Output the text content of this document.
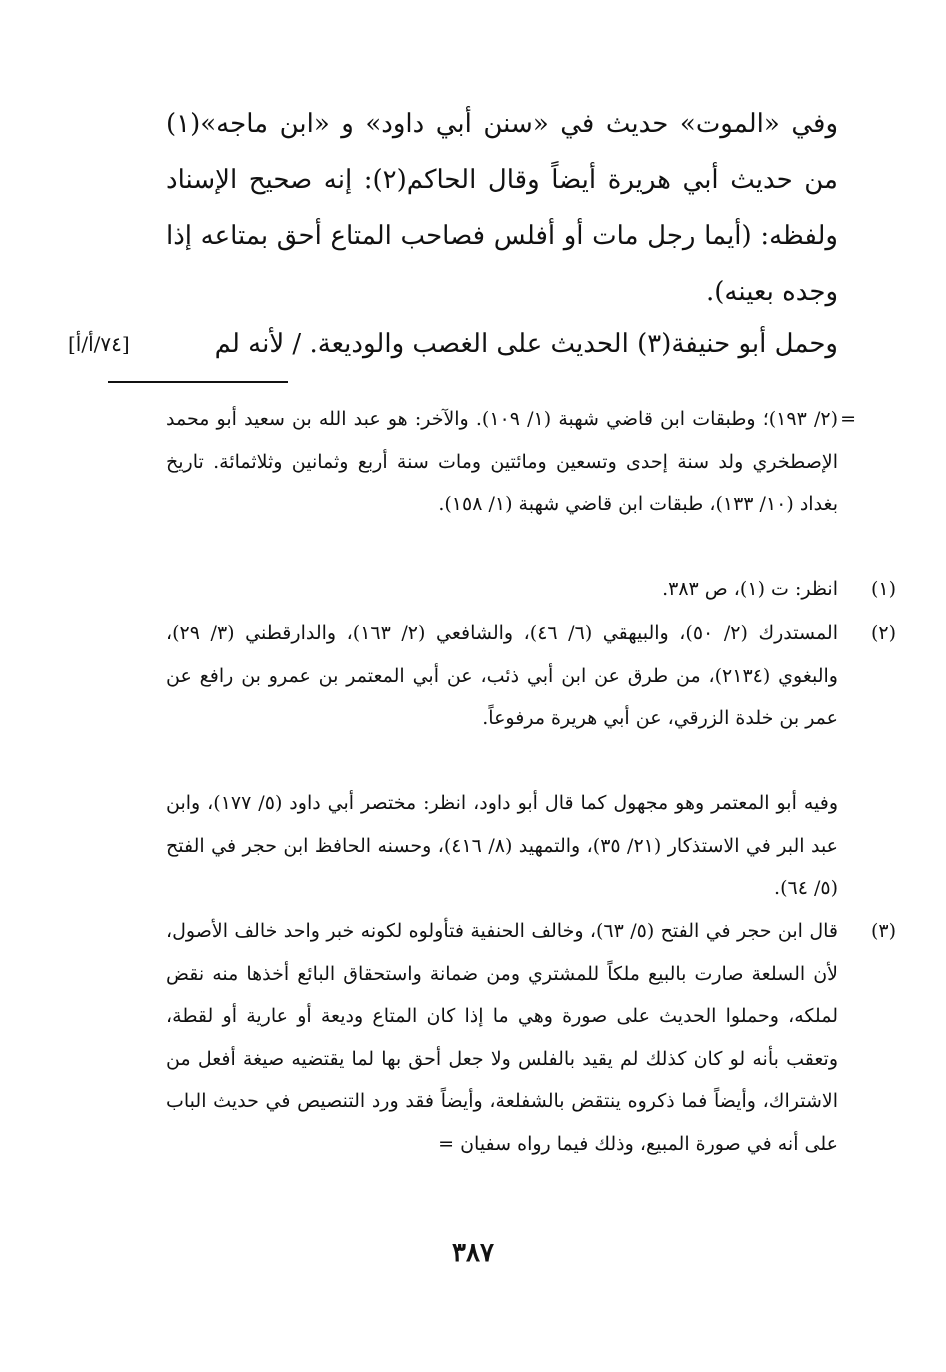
وفي «الموت» حديث في «سنن أبي داود» و «ابن ماجه»(١) من حديث أبي هريرة أيضاً وقال الحاكم(٢): إنه صحيح الإسناد ولفظه: (أيما رجل مات أو أفلس فصاحب المتاع أحق بمتاعه إذا وجده بعينه).

وحمل أبو حنيفة(٣) الحديث على الغصب والوديعة. / لأنه لم
[٧٤/أ/أ]

=

(٢/ ١٩٣)؛ وطبقات ابن قاضي شهبة (١/ ١٠٩). والآخر: هو عبد الله بن سعيد أبو محمد الإصطخري ولد سنة إحدى وتسعين ومائتين ومات سنة أربع وثمانين وثلاثمائة. تاريخ بغداد (١٠/ ١٣٣)، طبقات ابن قاضي شهبة (١/ ١٥٨).

(١)
انظر: ت (١)، ص ٣٨٣.

(٢)
المستدرك (٢/ ٥٠)، والبيهقي (٦/ ٤٦)، والشافعي (٢/ ١٦٣)، والدارقطني (٣/ ٢٩)، والبغوي (٢١٣٤)، من طرق عن ابن أبي ذئب، عن أبي المعتمر بن عمرو بن رافع عن عمر بن خلدة الزرقي، عن أبي هريرة مرفوعاً.

وفيه أبو المعتمر وهو مجهول كما قال أبو داود، انظر: مختصر أبي داود (٥/ ١٧٧)، وابن عبد البر في الاستذكار (٢١/ ٣٥)، والتمهيد (٨/ ٤١٦)، وحسنه الحافظ ابن حجر في الفتح (٥/ ٦٤).

(٣)
قال ابن حجر في الفتح (٥/ ٦٣)، وخالف الحنفية فتأولوه لكونه خبر واحد خالف الأصول، لأن السلعة صارت بالبيع ملكاً للمشتري ومن ضمانة واستحقاق البائع أخذها منه نقض لملكه، وحملوا الحديث على صورة وهي ما إذا كان المتاع وديعة أو عارية أو لقطة، وتعقب بأنه لو كان كذلك لم يقيد بالفلس ولا جعل أحق بها لما يقتضيه صيغة أفعل من الاشتراك، وأيضاً فما ذكروه ينتقض بالشفلعة، وأيضاً فقد ورد التنصيص في حديث الباب على أنه في صورة المبيع، وذلك فيما رواه سفيان =

٣٨٧
